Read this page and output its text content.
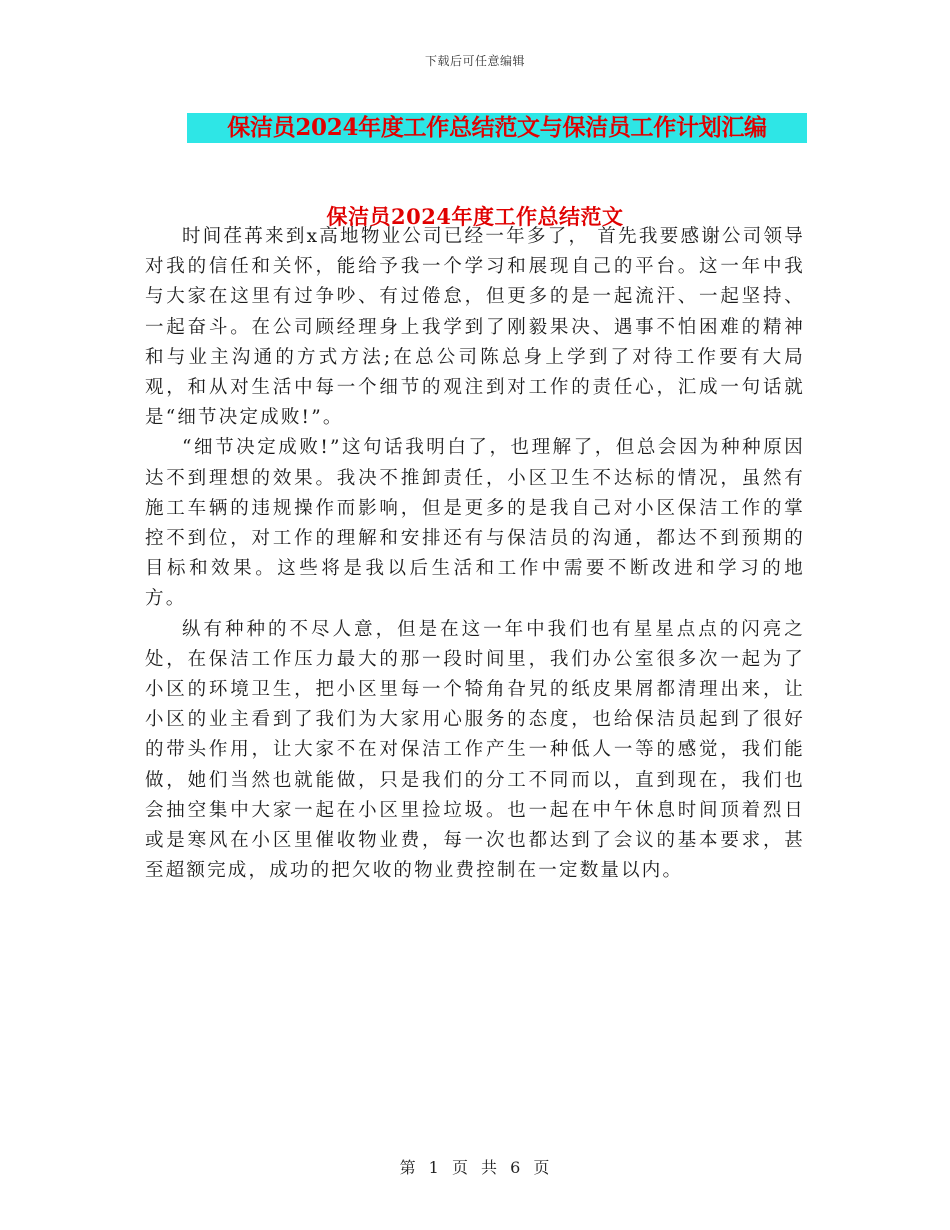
下载后可任意编辑
保洁员2024年度工作总结范文与保洁员工作计划汇编
保洁员2024年度工作总结范文

时间荏苒来到x高地物业公司已经一年多了， 首先我要感谢公司领导对我的信任和关怀，能给予我一个学习和展现自己的平台。这一年中我与大家在这里有过争吵、有过倦怠，但更多的是一起流汗、一起坚持、一起奋斗。在公司顾经理身上我学到了刚毅果决、遇事不怕困难的精神和与业主沟通的方式方法;在总公司陈总身上学到了对待工作要有大局观，和从对生活中每一个细节的观注到对工作的责任心，汇成一句话就是“细节决定成败!”。

“细节决定成败!”这句话我明白了，也理解了，但总会因为种种原因达不到理想的效果。我决不推卸责任，小区卫生不达标的情况，虽然有施工车辆的违规操作而影响，但是更多的是我自己对小区保洁工作的掌控不到位，对工作的理解和安排还有与保洁员的沟通，都达不到预期的目标和效果。这些将是我以后生活和工作中需要不断改进和学习的地方。

纵有种种的不尽人意，但是在这一年中我们也有星星点点的闪亮之处，在保洁工作压力最大的那一段时间里，我们办公室很多次一起为了小区的环境卫生，把小区里每一个犄角旮旯的纸皮果屑都清理出来，让小区的业主看到了我们为大家用心服务的态度，也给保洁员起到了很好的带头作用，让大家不在对保洁工作产生一种低人一等的感觉，我们能做，她们当然也就能做，只是我们的分工不同而以，直到现在，我们也会抽空集中大家一起在小区里捡垃圾。也一起在中午休息时间顶着烈日或是寒风在小区里催收物业费，每一次也都达到了会议的基本要求，甚至超额完成，成功的把欠收的物业费控制在一定数量以内。

第 1 页 共 6 页
